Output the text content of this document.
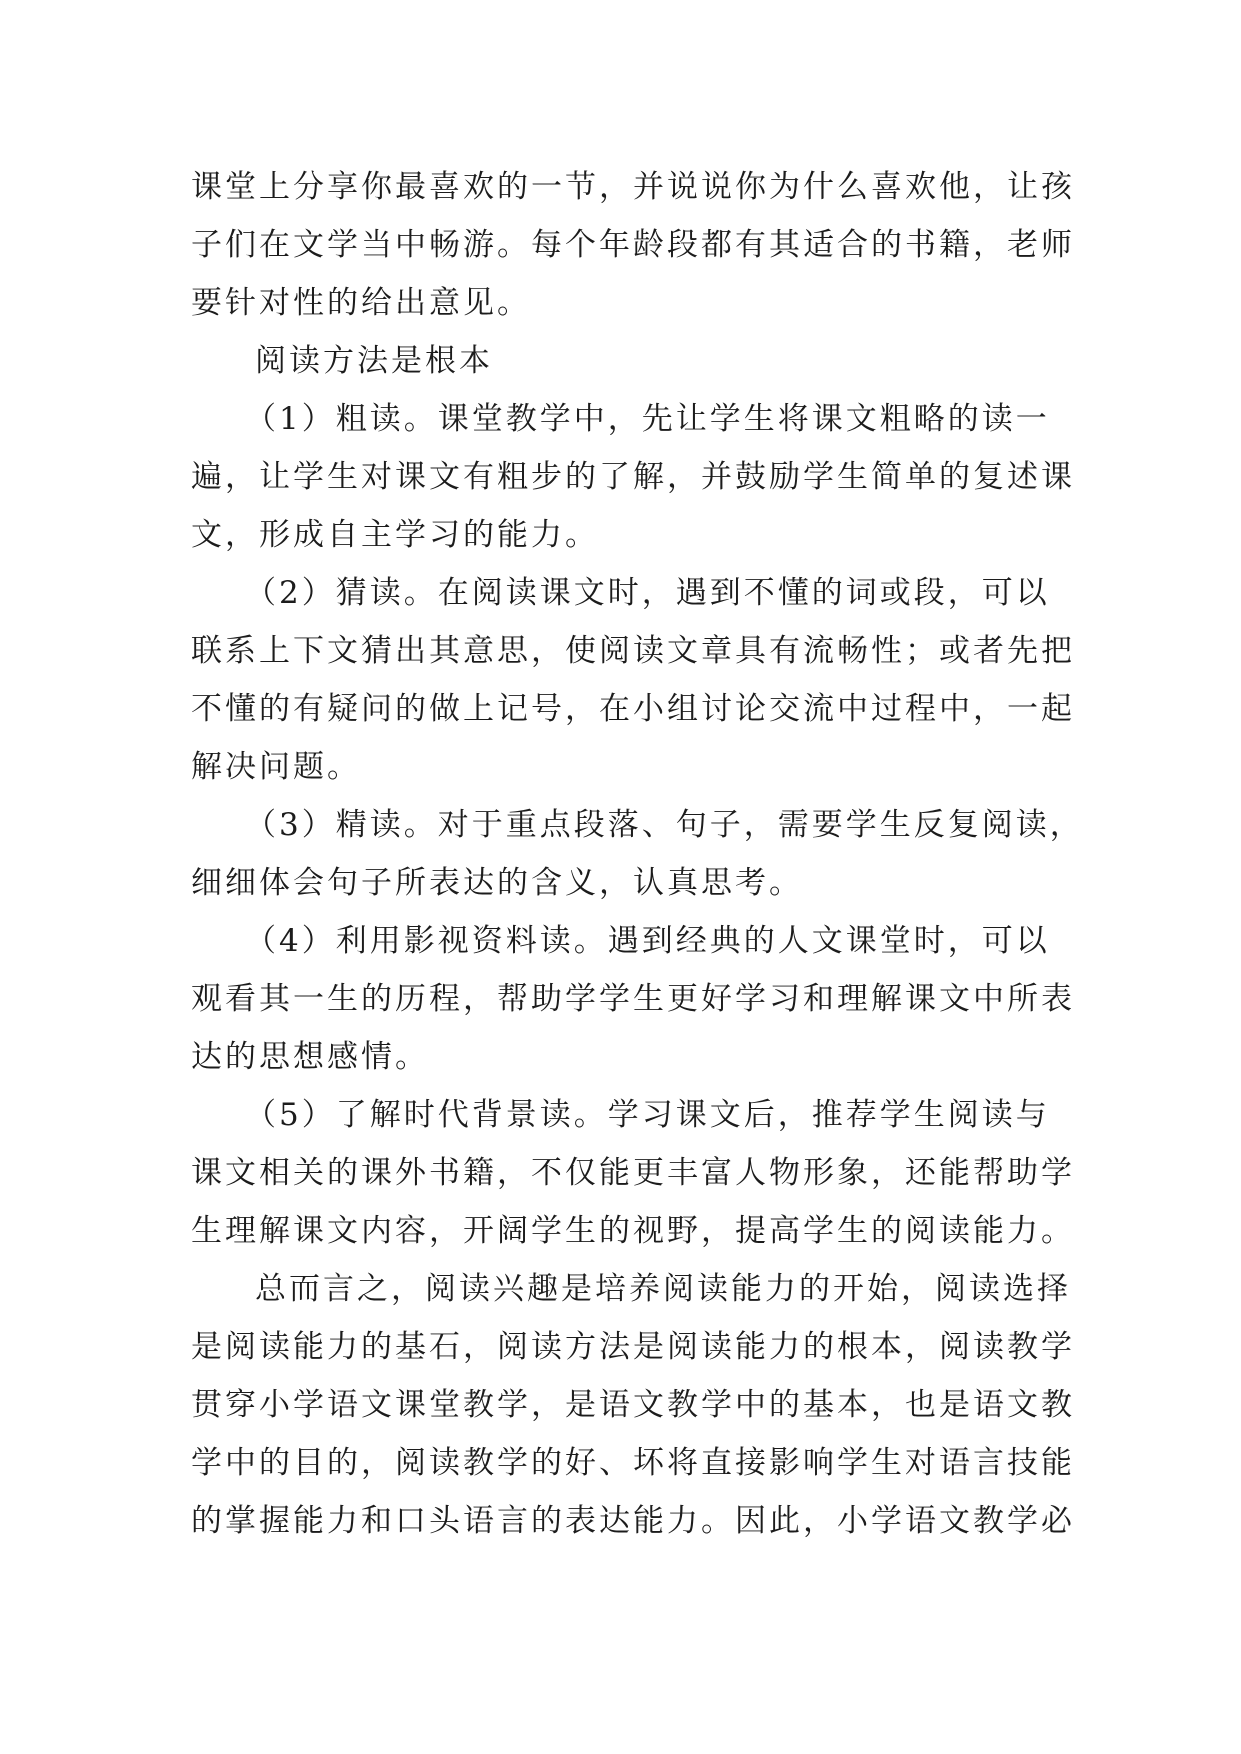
课堂上分享你最喜欢的一节，并说说你为什么喜欢他，让孩
子们在文学当中畅游。每个年龄段都有其适合的书籍，老师
要针对性的给出意见。
阅读方法是根本
（1）粗读。课堂教学中，先让学生将课文粗略的读一
遍，让学生对课文有粗步的了解，并鼓励学生简单的复述课
文，形成自主学习的能力。
（2）猜读。在阅读课文时，遇到不懂的词或段，可以
联系上下文猜出其意思，使阅读文章具有流畅性；或者先把
不懂的有疑问的做上记号，在小组讨论交流中过程中，一起
解决问题。
（3）精读。对于重点段落、句子，需要学生反复阅读，
细细体会句子所表达的含义，认真思考。
（4）利用影视资料读。遇到经典的人文课堂时，可以
观看其一生的历程，帮助学学生更好学习和理解课文中所表
达的思想感情。
（5）了解时代背景读。学习课文后，推荐学生阅读与
课文相关的课外书籍，不仅能更丰富人物形象，还能帮助学
生理解课文内容，开阔学生的视野，提高学生的阅读能力。
总而言之，阅读兴趣是培养阅读能力的开始，阅读选择
是阅读能力的基石，阅读方法是阅读能力的根本，阅读教学
贯穿小学语文课堂教学，是语文教学中的基本，也是语文教
学中的目的，阅读教学的好、坏将直接影响学生对语言技能
的掌握能力和口头语言的表达能力。因此，小学语文教学必
